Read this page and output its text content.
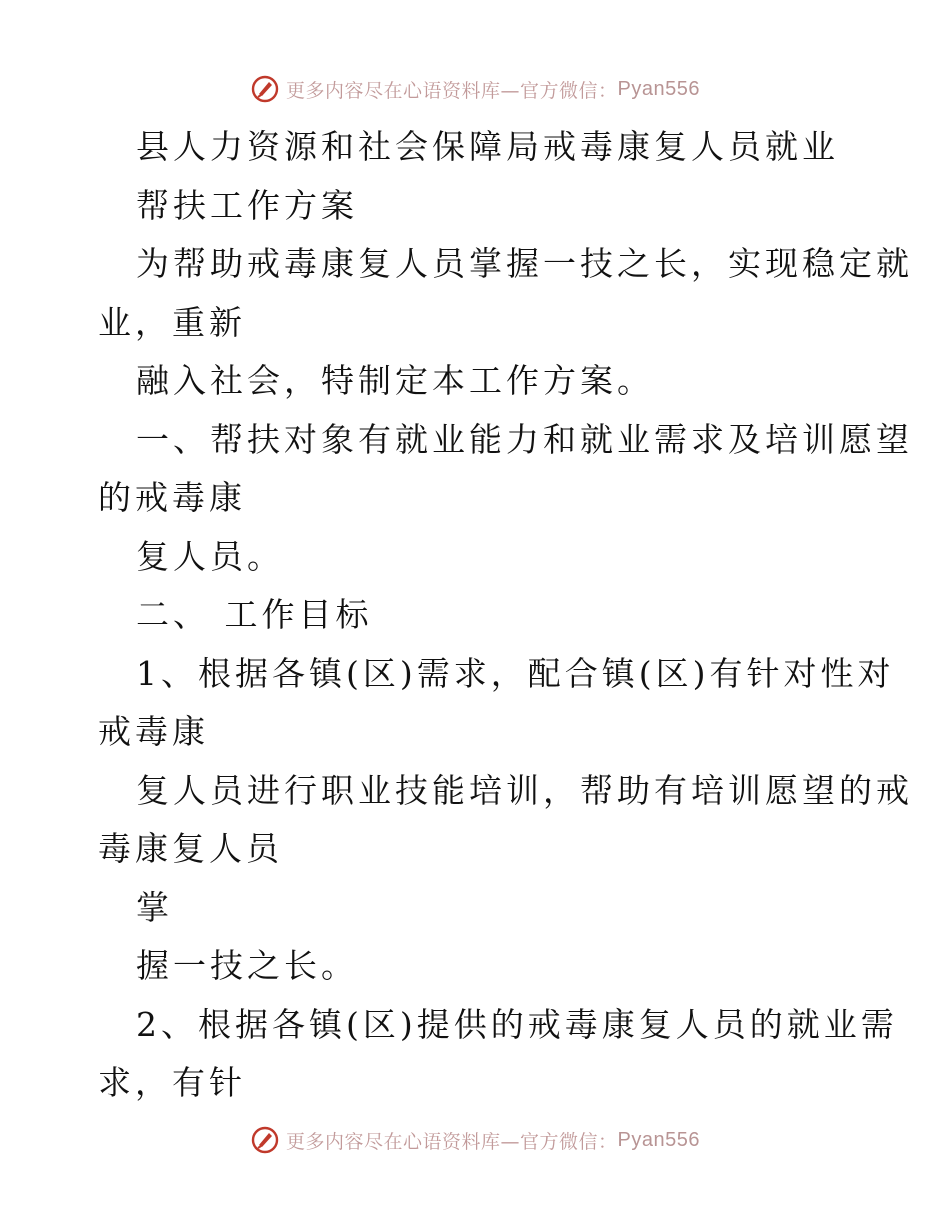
更多内容尽在心语资料库—官方微信： Pyan556
县人力资源和社会保障局戒毒康复人员就业
帮扶工作方案
为帮助戒毒康复人员掌握一技之长，实现稳定就
业，重新
融入社会，特制定本工作方案。
一、帮扶对象有就业能力和就业需求及培训愿望
的戒毒康
复人员。
二、 工作目标
1、根据各镇(区)需求，配合镇(区)有针对性对
戒毒康
复人员进行职业技能培训，帮助有培训愿望的戒
毒康复人员
掌
握一技之长。
2、根据各镇(区)提供的戒毒康复人员的就业需
求，有针
更多内容尽在心语资料库—官方微信： Pyan556
